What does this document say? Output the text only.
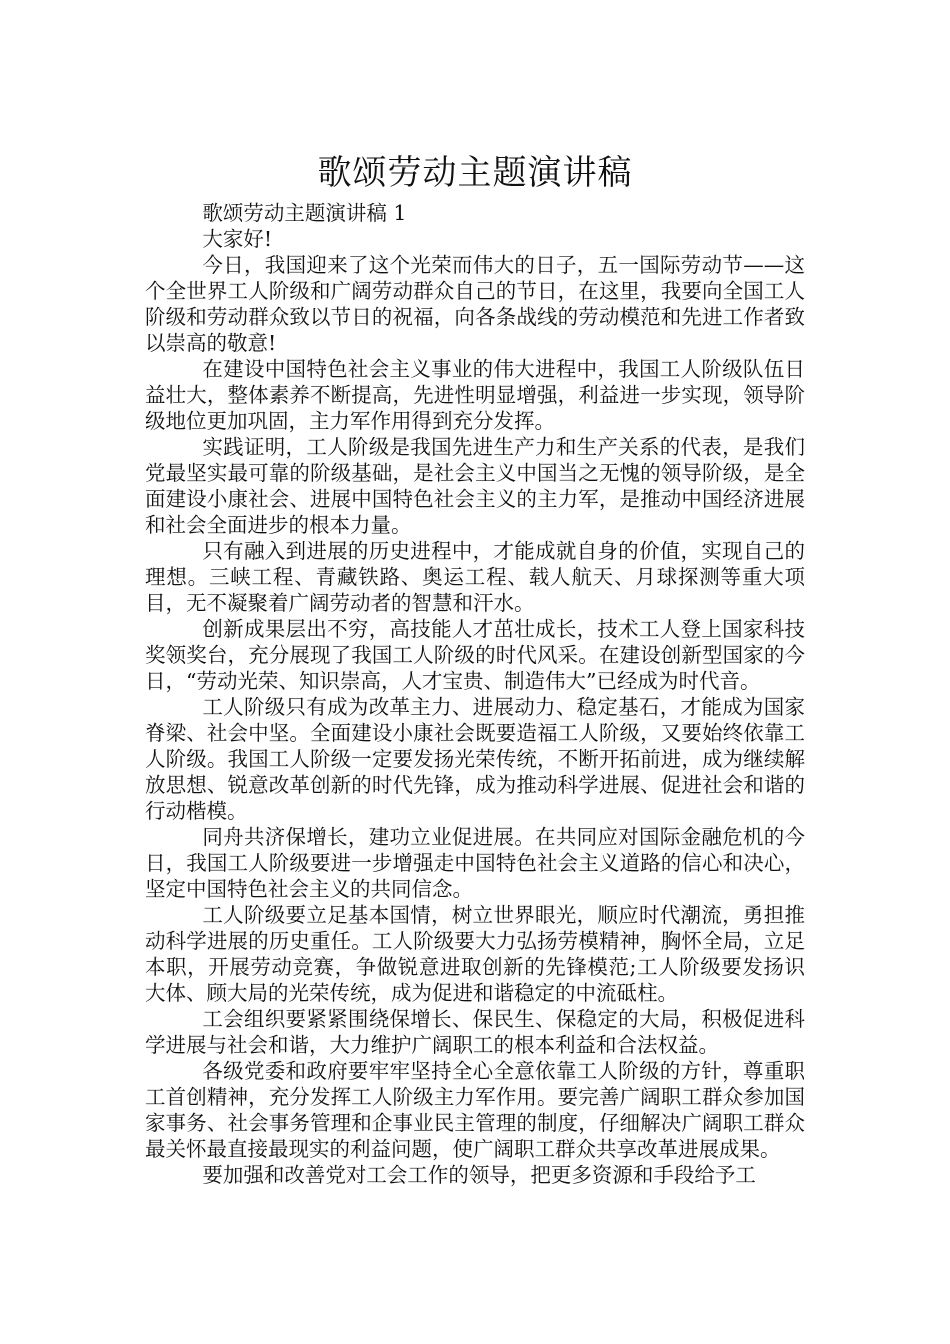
歌颂劳动主题演讲稿

歌颂劳动主题演讲稿 1

大家好!

今日，我国迎来了这个光荣而伟大的日子，五一国际劳动节——这个全世界工人阶级和广阔劳动群众自己的节日，在这里，我要向全国工人阶级和劳动群众致以节日的祝福，向各条战线的劳动模范和先进工作者致以崇高的敬意!

在建设中国特色社会主义事业的伟大进程中，我国工人阶级队伍日益壮大，整体素养不断提高，先进性明显增强，利益进一步实现，领导阶级地位更加巩固，主力军作用得到充分发挥。

实践证明，工人阶级是我国先进生产力和生产关系的代表，是我们党最坚实最可靠的阶级基础，是社会主义中国当之无愧的领导阶级，是全面建设小康社会、进展中国特色社会主义的主力军，是推动中国经济进展和社会全面进步的根本力量。

只有融入到进展的历史进程中，才能成就自身的价值，实现自己的理想。三峡工程、青藏铁路、奥运工程、载人航天、月球探测等重大项目，无不凝聚着广阔劳动者的智慧和汗水。

创新成果层出不穷，高技能人才茁壮成长，技术工人登上国家科技奖领奖台，充分展现了我国工人阶级的时代风采。在建设创新型国家的今日，“劳动光荣、知识崇高，人才宝贵、制造伟大”已经成为时代音。

工人阶级只有成为改革主力、进展动力、稳定基石，才能成为国家脊梁、社会中坚。全面建设小康社会既要造福工人阶级，又要始终依靠工人阶级。我国工人阶级一定要发扬光荣传统，不断开拓前进，成为继续解放思想、锐意改革创新的时代先锋，成为推动科学进展、促进社会和谐的行动楷模。

同舟共济保增长，建功立业促进展。在共同应对国际金融危机的今日，我国工人阶级要进一步增强走中国特色社会主义道路的信心和决心，坚定中国特色社会主义的共同信念。

工人阶级要立足基本国情，树立世界眼光，顺应时代潮流，勇担推动科学进展的历史重任。工人阶级要大力弘扬劳模精神，胸怀全局，立足本职，开展劳动竞赛，争做锐意进取创新的先锋模范;工人阶级要发扬识大体、顾大局的光荣传统，成为促进和谐稳定的中流砥柱。

工会组织要紧紧围绕保增长、保民生、保稳定的大局，积极促进科学进展与社会和谐，大力维护广阔职工的根本利益和合法权益。

各级党委和政府要牢牢坚持全心全意依靠工人阶级的方针，尊重职工首创精神，充分发挥工人阶级主力军作用。要完善广阔职工群众参加国家事务、社会事务管理和企事业民主管理的制度，仔细解决广阔职工群众最关怀最直接最现实的利益问题，使广阔职工群众共享改革进展成果。

要加强和改善党对工会工作的领导，把更多资源和手段给予工
